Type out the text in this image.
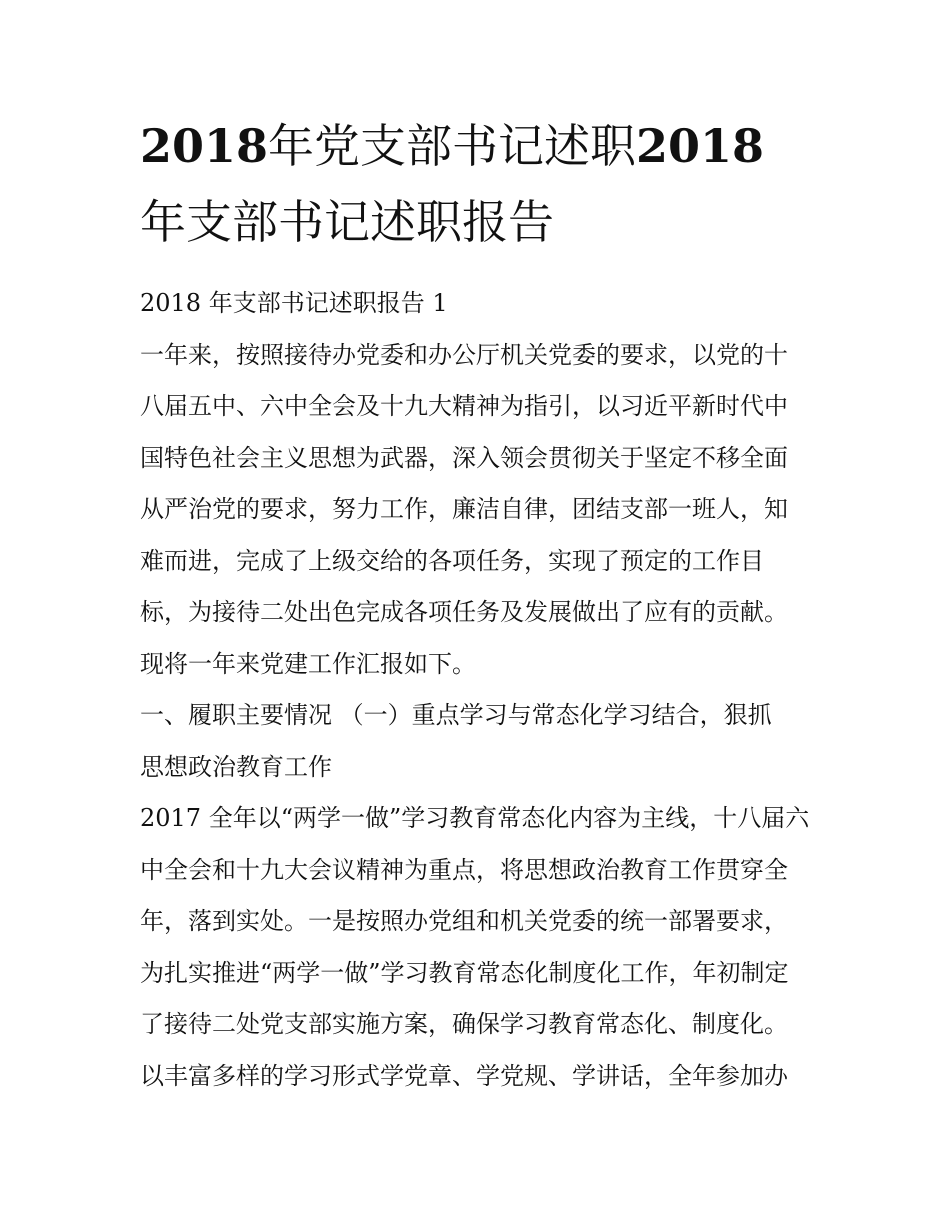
2018年党支部书记述职2018
年支部书记述职报告
2018 年支部书记述职报告 1
一年来，按照接待办党委和办公厅机关党委的要求，以党的十
八届五中、六中全会及十九大精神为指引，以习近平新时代中
国特色社会主义思想为武器，深入领会贯彻关于坚定不移全面
从严治党的要求，努力工作，廉洁自律，团结支部一班人，知
难而进，完成了上级交给的各项任务，实现了预定的工作目
标，为接待二处出色完成各项任务及发展做出了应有的贡献。
现将一年来党建工作汇报如下。
一、履职主要情况 （一）重点学习与常态化学习结合，狠抓
思想政治教育工作
2017 全年以“两学一做”学习教育常态化内容为主线，十八届六
中全会和十九大会议精神为重点，将思想政治教育工作贯穿全
年，落到实处。一是按照办党组和机关党委的统一部署要求，
为扎实推进“两学一做”学习教育常态化制度化工作，年初制定
了接待二处党支部实施方案，确保学习教育常态化、制度化。
以丰富多样的学习形式学党章、学党规、学讲话，全年参加办
